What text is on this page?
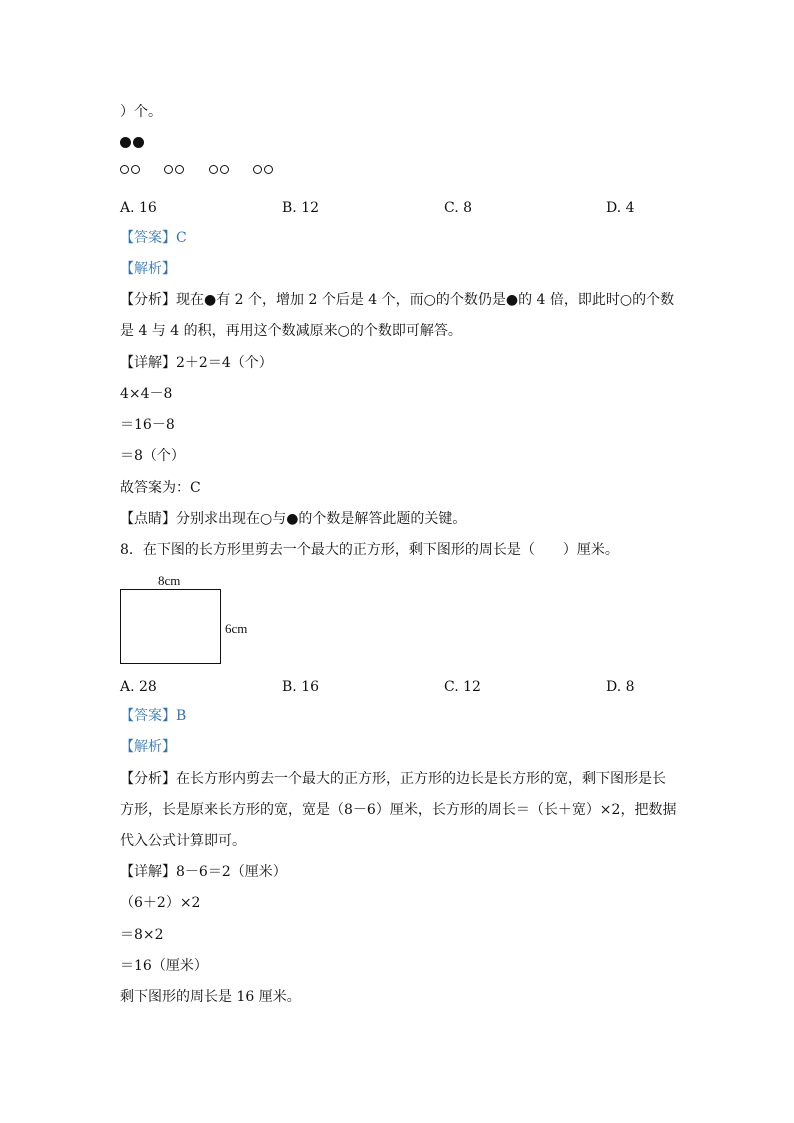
）个。

A. 16	B. 12	C. 8	D. 4
【答案】C
【解析】
【分析】现在●有 2 个，增加 2 个后是 4 个，而○的个数仍是●的 4 倍，即此时○的个数
是 4 与 4 的积，再用这个数减原来○的个数即可解答。
【详解】2＋2＝4（个）
4×4－8
＝16－8
＝8（个）
故答案为：C
【点睛】分别求出现在○与●的个数是解答此题的关键。
8．在下图的长方形里剪去一个最大的正方形，剩下图形的周长是（　　）厘米。
8cm
6cm
A. 28	B. 16	C. 12	D. 8
【答案】B
【解析】
【分析】在长方形内剪去一个最大的正方形，正方形的边长是长方形的宽，剩下图形是长
方形，长是原来长方形的宽，宽是（8－6）厘米，长方形的周长＝（长＋宽）×2，把数据
代入公式计算即可。
【详解】8－6＝2（厘米）
（6＋2）×2
＝8×2
＝16（厘米）
剩下图形的周长是 16 厘米。
